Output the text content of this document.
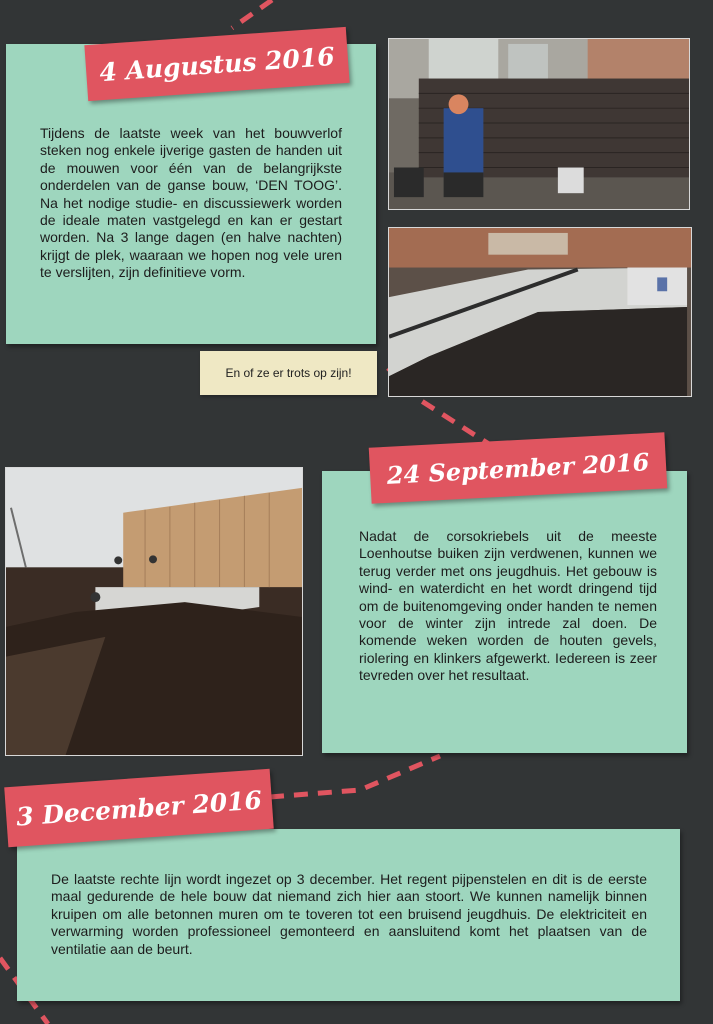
Tijdens de laatste week van het bouwverlof steken nog enkele ijverige gasten de handen uit de mouwen voor één van de belangrijkste onderdelen van de ganse bouw, ‘DEN TOOG’. Na het nodige studie- en discussiewerk worden de ideale maten vastgelegd en kan er gestart worden. Na 3 lange dagen (en halve nachten) krijgt de plek, waaraan we hopen nog vele uren te verslijten, zijn definitieve vorm.

4 Augustus 2016
En of ze er trots op zijn!

Nadat de corsokriebels uit de meeste Loenhoutse buiken zijn verdwenen, kunnen we terug verder met ons jeugdhuis. Het gebouw is wind- en waterdicht en het wordt dringend tijd om de buitenomgeving onder handen te nemen voor de winter zijn intrede zal doen. De komende weken worden de houten gevels, riolering en klinkers afgewerkt. Iedereen is zeer tevreden over het resultaat.

24 September 2016

De laatste rechte lijn wordt ingezet op 3 december. Het regent pijpenstelen en dit is de eerste maal gedurende de hele bouw dat niemand zich hier aan stoort. We kunnen namelijk binnen kruipen om alle betonnen muren om te toveren tot een bruisend jeugdhuis. De elektriciteit en verwarming worden professioneel gemonteerd en aansluitend komt het plaatsen van de ventilatie aan de beurt.

3 December 2016
